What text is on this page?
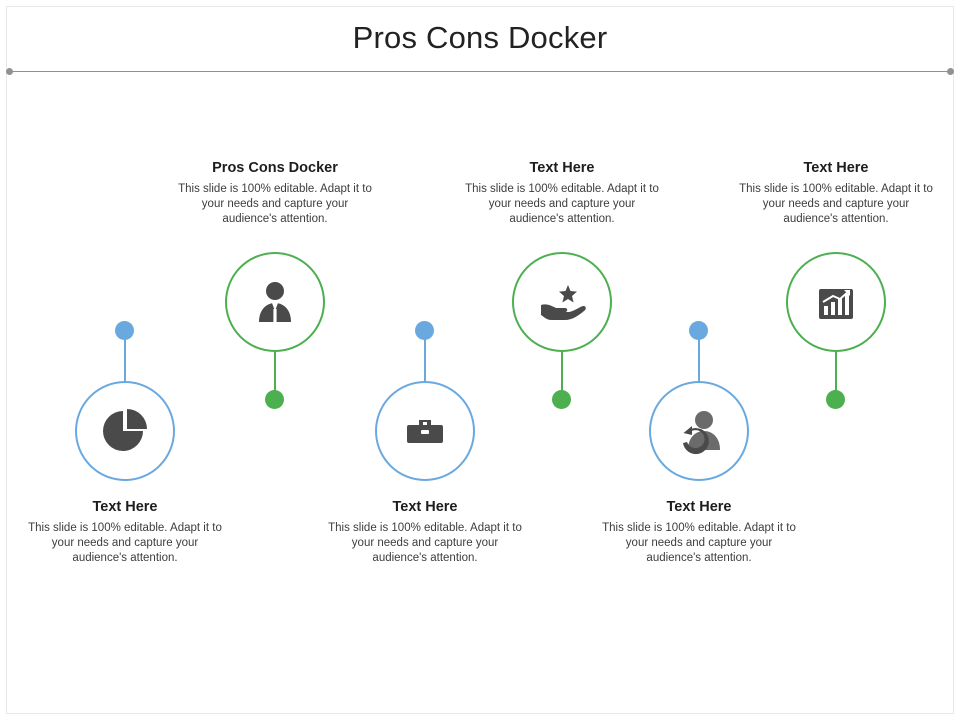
Pros Cons Docker
Text Here
This slide is 100% editable. Adapt it to your needs and capture your audience's attention.
Pros Cons Docker
This slide is 100% editable. Adapt it to your needs and capture your audience's attention.
Text Here
This slide is 100% editable. Adapt it to your needs and capture your audience's attention.
Text Here
This slide is 100% editable. Adapt it to your needs and capture your audience's attention.
Text Here
This slide is 100% editable. Adapt it to your needs and capture your audience's attention.
Text Here
This slide is 100% editable. Adapt it to your needs and capture your audience's attention.
